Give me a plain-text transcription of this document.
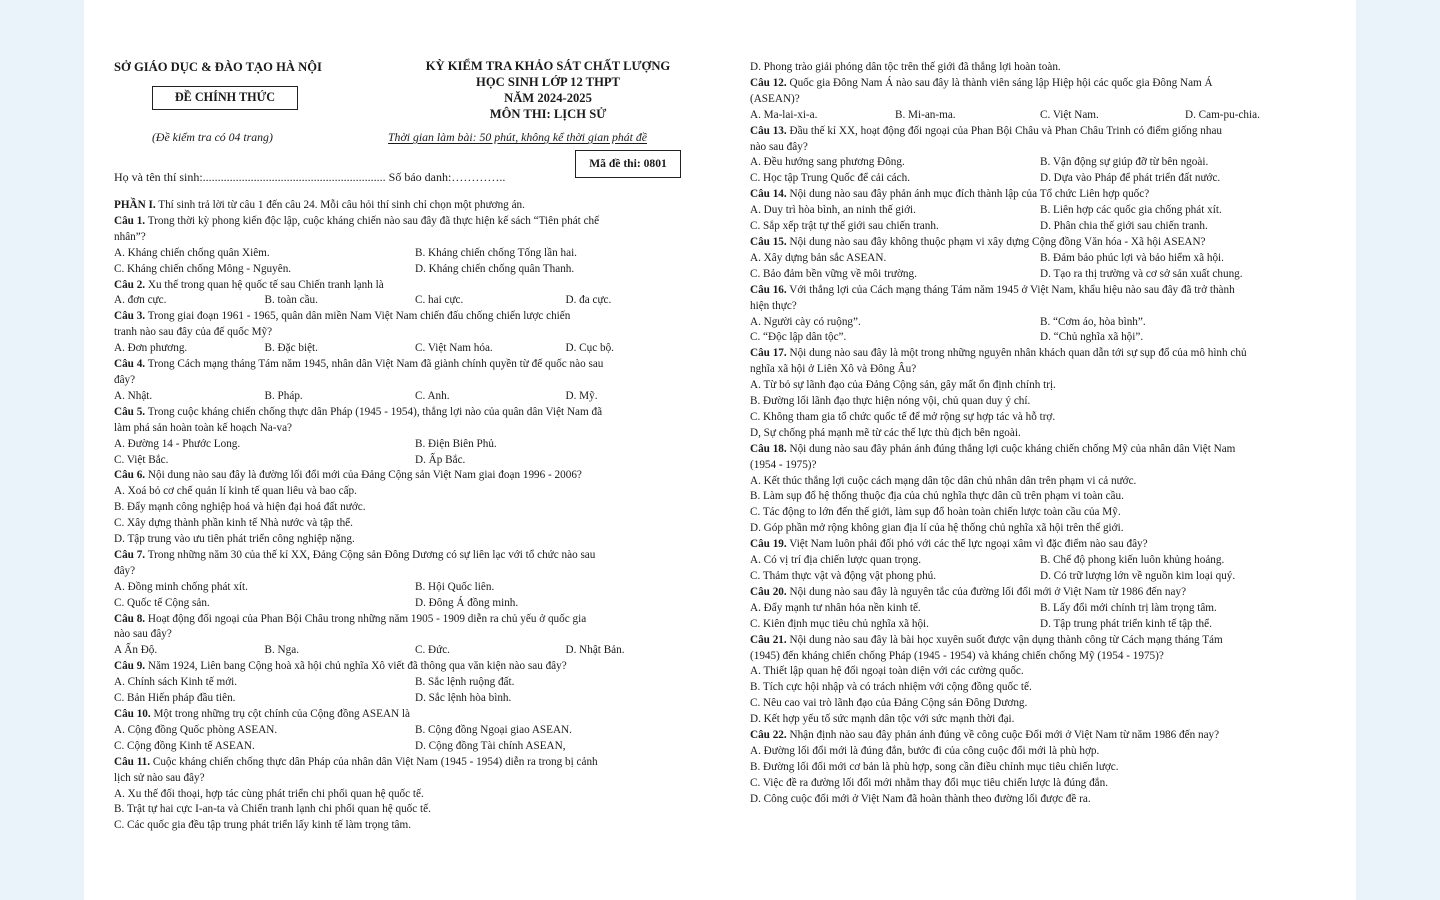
SỞ GIÁO DỤC & ĐÀO TẠO HÀ NỘI
ĐỀ CHÍNH THỨC
(Đề kiểm tra có 04 trang)
KỲ KIỂM TRA KHẢO SÁT CHẤT LƯỢNG
HỌC SINH LỚP 12 THPT
NĂM 2024-2025
MÔN THI: LỊCH SỬ
Thời gian làm bài: 50 phút, không kể thời gian phát đề
Mã đề thi: 0801
Họ và tên thí sinh:............................................................. Số báo danh:…………..
PHẦN I. Thí sinh trả lời từ câu 1 đến câu 24. Mỗi câu hỏi thí sinh chỉ chọn một phương án.
Câu 1. Trong thời kỳ phong kiến độc lập, cuộc kháng chiến nào sau đây đã thực hiện kế sách “Tiên phát chế
nhân”?
A. Kháng chiến chống quân Xiêm.	B. Kháng chiến chống Tống lần hai.
C. Kháng chiến chống Mông - Nguyên.	D. Kháng chiến chống quân Thanh.
Câu 2. Xu thế trong quan hệ quốc tế sau Chiến tranh lạnh là
A. đơn cực.	B. toàn cầu.	C. hai cực.	D. đa cực.
Câu 3. Trong giai đoạn 1961 - 1965, quân dân miền Nam Việt Nam chiến đấu chống chiến lược chiến
tranh nào sau đây của đế quốc Mỹ?
A. Đơn phương.	B. Đặc biệt.	C. Việt Nam hóa.	D. Cục bộ.
Câu 4. Trong Cách mạng tháng Tám năm 1945, nhân dân Việt Nam đã giành chính quyền từ đế quốc nào sau
đây?
A. Nhật.	B. Pháp.	C. Anh.	D. Mỹ.
Câu 5. Trong cuộc kháng chiến chống thực dân Pháp (1945 - 1954), thắng lợi nào của quân dân Việt Nam đã
làm phá sản hoàn toàn kế hoạch Na-va?
A. Đường 14 - Phước Long.	B. Điện Biên Phủ.
C. Việt Bắc.	D. Ấp Bắc.
Câu 6. Nội dung nào sau đây là đường lối đổi mới của Đảng Cộng sản Việt Nam giai đoạn 1996 - 2006?
A. Xoá bỏ cơ chế quản lí kinh tế quan liêu và bao cấp.
B. Đẩy mạnh công nghiệp hoá và hiện đại hoá đất nước.
C. Xây dựng thành phần kinh tế Nhà nước và tập thể.
D. Tập trung vào ưu tiên phát triển công nghiệp nặng.
Câu 7. Trong những năm 30 của thế kỉ XX, Đảng Cộng sản Đông Dương có sự liên lạc với tổ chức nào sau
đây?
A. Đồng minh chống phát xít.	B. Hội Quốc liên.
C. Quốc tế Cộng sản.	D. Đông Á đồng minh.
Câu 8. Hoạt động đối ngoại của Phan Bội Châu trong những năm 1905 - 1909 diễn ra chủ yếu ở quốc gia
nào sau đây?
A Ấn Độ.	B. Nga.	C. Đức.	D. Nhật Bản.
Câu 9. Năm 1924, Liên bang Cộng hoà xã hội chủ nghĩa Xô viết đã thông qua văn kiện nào sau đây?
A. Chính sách Kinh tế mới.	B. Sắc lệnh ruộng đất.
C. Bản Hiến pháp đầu tiên.	D. Sắc lệnh hòa bình.
Câu 10. Một trong những trụ cột chính của Cộng đồng ASEAN là
A. Cộng đồng Quốc phòng ASEAN.	B. Cộng đồng Ngoại giao ASEAN.
C. Cộng đồng Kinh tế ASEAN.	D. Cộng đồng Tài chính ASEAN,
Câu 11. Cuộc kháng chiến chống thực dân Pháp của nhân dân Việt Nam (1945 - 1954) diễn ra trong bị cảnh
lịch sử nào sau đây?
A. Xu thế đối thoại, hợp tác cùng phát triển chi phối quan hệ quốc tế.
B. Trật tự hai cực I-an-ta và Chiến tranh lạnh chi phối quan hệ quốc tế.
C. Các quốc gia đều tập trung phát triển lấy kinh tế làm trọng tâm.
D. Phong trào giải phóng dân tộc trên thế giới đã thắng lợi hoàn toàn.
Câu 12. Quốc gia Đông Nam Á nào sau đây là thành viên sáng lập Hiệp hội các quốc gia Đông Nam Á
(ASEAN)?
A. Ma-lai-xi-a.	B. Mi-an-ma.	C. Việt Nam.	D. Cam-pu-chia.
Câu 13. Đầu thế kỉ XX, hoạt động đối ngoại của Phan Bội Châu và Phan Châu Trinh có điểm giống nhau
nào sau đây?
A. Đều hướng sang phương Đông.	B. Vận động sự giúp đỡ từ bên ngoài.
C. Học tập Trung Quốc để cải cách.	D. Dựa vào Pháp để phát triển đất nước.
Câu 14. Nội dung nào sau đây phản ánh mục đích thành lập của Tổ chức Liên hợp quốc?
A. Duy trì hòa bình, an ninh thế giới.	B. Liên hợp các quốc gia chống phát xít.
C. Sắp xếp trật tự thế giới sau chiến tranh.	D. Phân chia thế giới sau chiến tranh.
Câu 15. Nội dung nào sau đây không thuộc phạm vi xây dựng Cộng đồng Văn hóa - Xã hội ASEAN?
A. Xây dựng bản sắc ASEAN.	B. Đảm bảo phúc lợi và bảo hiểm xã hội.
C. Bảo đảm bền vững về môi trường.	D. Tạo ra thị trường và cơ sở sản xuất chung.
Câu 16. Với thắng lợi của Cách mạng tháng Tám năm 1945 ở Việt Nam, khẩu hiệu nào sau đây đã trở thành
hiện thực?
A. Người cày có ruộng”.	B. “Cơm áo, hòa bình”.
C. “Độc lập dân tộc”.	D. “Chủ nghĩa xã hội”.
Câu 17. Nội dung nào sau đây là một trong những nguyên nhân khách quan dẫn tới sự sụp đổ của mô hình chủ
nghĩa xã hội ở Liên Xô và Đông Âu?
A. Từ bỏ sự lãnh đạo của Đảng Cộng sản, gây mất ổn định chính trị.
B. Đường lối lãnh đạo thực hiện nóng vội, chủ quan duy ý chí.
C. Không tham gia tổ chức quốc tế để mở rộng sự hợp tác và hỗ trợ.
D, Sự chống phá mạnh mẽ từ các thế lực thù địch bên ngoài.
Câu 18. Nội dung nào sau đây phản ánh đúng thắng lợi cuộc kháng chiến chống Mỹ của nhân dân Việt Nam
(1954 - 1975)?
A. Kết thúc thắng lợi cuộc cách mạng dân tộc dân chủ nhân dân trên phạm vi cả nước.
B. Làm sụp đổ hệ thống thuộc địa của chủ nghĩa thực dân cũ trên phạm vi toàn cầu.
C. Tác động to lớn đến thế giới, làm sụp đổ hoàn toàn chiến lược toàn cầu của Mỹ.
D. Góp phần mở rộng không gian địa lí của hệ thống chủ nghĩa xã hội trên thế giới.
Câu 19. Việt Nam luôn phải đối phó với các thế lực ngoại xâm vì đặc điểm nào sau đây?
A. Có vị trí địa chiến lược quan trọng.	B. Chế độ phong kiến luôn khủng hoảng.
C. Thảm thực vật và động vật phong phú.	D. Có trữ lượng lớn về nguồn kim loại quý.
Câu 20. Nội dung nào sau đây là nguyên tắc của đường lối đổi mới ở Việt Nam từ 1986 đến nay?
A. Đẩy mạnh tư nhân hóa nền kinh tế.	B. Lấy đổi mới chính trị làm trọng tâm.
C. Kiên định mục tiêu chủ nghĩa xã hội.	D. Tập trung phát triển kinh tế tập thể.
Câu 21. Nội dung nào sau đây là bài học xuyên suốt được vận dụng thành công từ Cách mạng tháng Tám
(1945) đến kháng chiến chống Pháp (1945 - 1954) và kháng chiến chống Mỹ (1954 - 1975)?
A. Thiết lập quan hệ đối ngoại toàn diện với các cường quốc.
B. Tích cực hội nhập và có trách nhiệm với cộng đồng quốc tế.
C. Nêu cao vai trò lãnh đạo của Đảng Cộng sản Đông Dương.
D. Kết hợp yếu tố sức mạnh dân tộc với sức mạnh thời đại.
Câu 22. Nhận định nào sau đây phản ánh đúng về công cuộc Đổi mới ở Việt Nam từ năm 1986 đến nay?
A. Đường lối đổi mới là đúng đắn, bước đi của công cuộc đổi mới là phù hợp.
B. Đường lối đổi mới cơ bản là phù hợp, song cần điều chỉnh mục tiêu chiến lược.
C. Việc đề ra đường lối đổi mới nhằm thay đổi mục tiêu chiến lược là đúng đắn.
D. Công cuộc đổi mới ở Việt Nam đã hoàn thành theo đường lối được đề ra.
